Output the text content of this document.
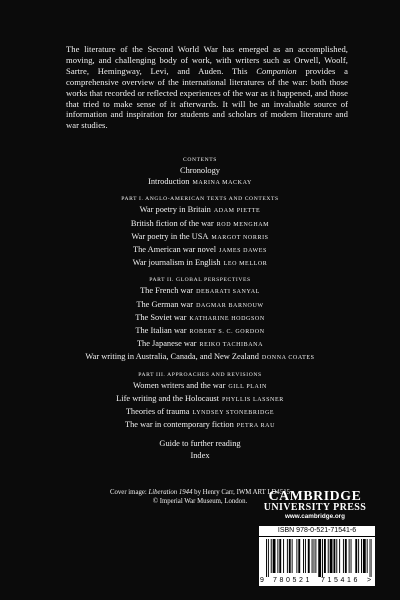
The literature of the Second World War has emerged as an accomplished, moving, and challenging body of work, with writers such as Orwell, Woolf, Sartre, Hemingway, Levi, and Auden. This Companion provides a comprehensive overview of the international literatures of the war: both those works that recorded or reflected experiences of the war as it happened, and those that tried to make sense of it afterwards. It will be an invaluable source of information and inspiration for students and scholars of modern literature and war studies.
CONTENTS
Chronology
Introduction MARINA MACKAY
PART I. ANGLO-AMERICAN TEXTS AND CONTEXTS
War poetry in Britain ADAM PIETTE
British fiction of the war ROD MENGHAM
War poetry in the USA MARGOT NORRIS
The American war novel JAMES DAWES
War journalism in English LEO MELLOR
PART II. GLOBAL PERSPECTIVES
The French war DEBARATI SANYAL
The German war DAGMAR BARNOUW
The Soviet war KATHARINE HODGSON
The Italian war ROBERT S. C. GORDON
The Japanese war REIKO TACHIBANA
War writing in Australia, Canada, and New Zealand DONNA COATES
PART III. APPROACHES AND REVISIONS
Women writers and the war GILL PLAIN
Life writing and the Holocaust PHYLLIS LASSNER
Theories of trauma LYNDSEY STONEBRIDGE
The war in contemporary fiction PETRA RAU
Guide to further reading
Index
Cover image: Liberation 1944 by Henry Carr, IWM ART LD4515
© Imperial War Museum, London.	CAMBRIDGE
UNIVERSITY PRESS
www.cambridge.org
ISBN 978-0-521-71541-6
9 780521 715416 >
